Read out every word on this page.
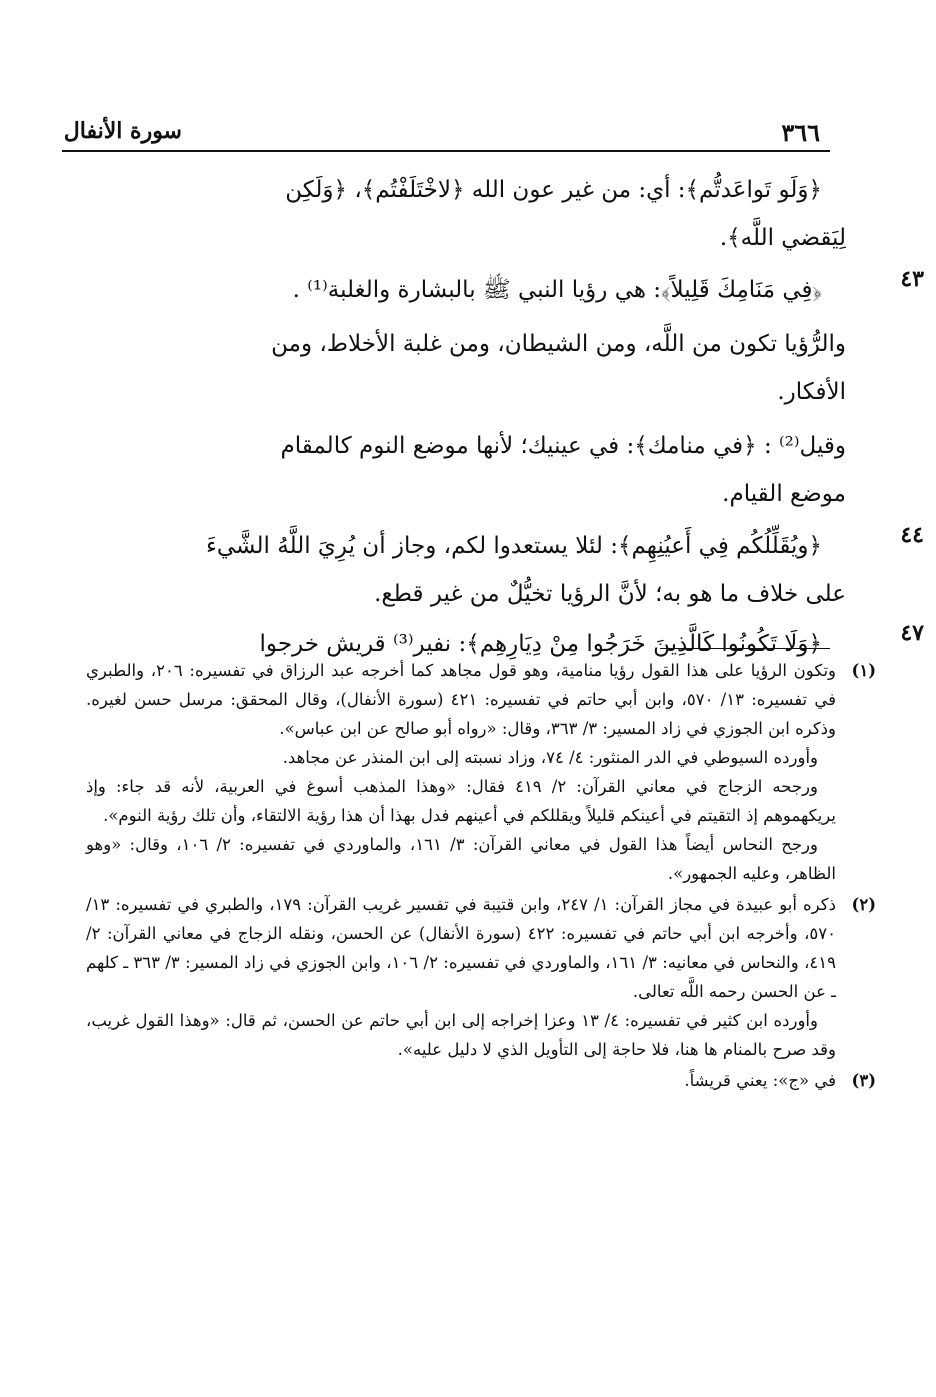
سورة الأنفال	٣٦٦
﴿وَلَو تَواعَدتُّم﴾: أي: من غير عون الله ﴿لاخْتَلَفْتُم﴾، ﴿وَلَكِن
لِيَقضي اللَّه﴾.
٤٣
﴿فِي مَنَامِكَ قَلِيلاً﴾: هي رؤيا النبي ﷺ بالبشارة والغلبة⁽¹⁾ .
والرُّؤيا تكون من اللَّه، ومن الشيطان، ومن غلبة الأخلاط، ومن
الأفكار.
وقيل⁽²⁾ : ﴿في منامك﴾: في عينيك؛ لأنها موضع النوم كالمقام
موضع القيام.
٤٤
﴿ويُقَلِّلُكُم فِي أَعيُنِهِم﴾: لئلا يستعدوا لكم، وجاز أن يُرِيَ اللَّهُ الشَّيءَ
على خلاف ما هو به؛ لأنَّ الرؤيا تخيُّلٌ من غير قطع.
٤٧
﴿وَلَا تَكُونُوا كَالَّذِينَ خَرَجُوا مِنْ دِيَارِهِم﴾: نفير⁽³⁾ قريش خرجوا
(١)

وتكون الرؤيا على هذا القول رؤيا منامية، وهو قول مجاهد كما أخرجه عبد الرزاق في تفسيره: ٢٠٦، والطبري في تفسيره: ١٣/ ٥٧٠، وابن أبي حاتم في تفسيره: ٤٢١ (سورة الأنفال)، وقال المحقق: مرسل حسن لغيره. وذكره ابن الجوزي في زاد المسير: ٣/ ٣٦٣، وقال: «رواه أبو صالح عن ابن عباس».

وأورده السيوطي في الدر المنثور: ٤/ ٧٤، وزاد نسبته إلى ابن المنذر عن مجاهد.

ورجحه الزجاج في معاني القرآن: ٢/ ٤١٩ فقال: «وهذا المذهب أسوغ في العربية، لأنه قد جاء: وإذ يريكهموهم إذ التقيتم في أعينكم قليلاً ويقللكم في أعينهم فدل بهذا أن هذا رؤية الالتقاء، وأن تلك رؤية النوم».

ورجح النحاس أيضاً هذا القول في معاني القرآن: ٣/ ١٦١، والماوردي في تفسيره: ٢/ ١٠٦، وقال: «وهو الظاهر، وعليه الجمهور».

(٢)

ذكره أبو عبيدة في مجاز القرآن: ١/ ٢٤٧، وابن قتيبة في تفسير غريب القرآن: ١٧٩، والطبري في تفسيره: ١٣/ ٥٧٠، وأخرجه ابن أبي حاتم في تفسيره: ٤٢٢ (سورة الأنفال) عن الحسن، ونقله الزجاج في معاني القرآن: ٢/ ٤١٩، والنحاس في معانيه: ٣/ ١٦١، والماوردي في تفسيره: ٢/ ١٠٦، وابن الجوزي في زاد المسير: ٣/ ٣٦٣ ـ كلهم ـ عن الحسن رحمه اللَّه تعالى.

وأورده ابن كثير في تفسيره: ٤/ ١٣ وعزا إخراجه إلى ابن أبي حاتم عن الحسن، ثم قال: «وهذا القول غريب، وقد صرح بالمنام ها هنا، فلا حاجة إلى التأويل الذي لا دليل عليه».

(٣)

في «ج»: يعني قريشاً.
